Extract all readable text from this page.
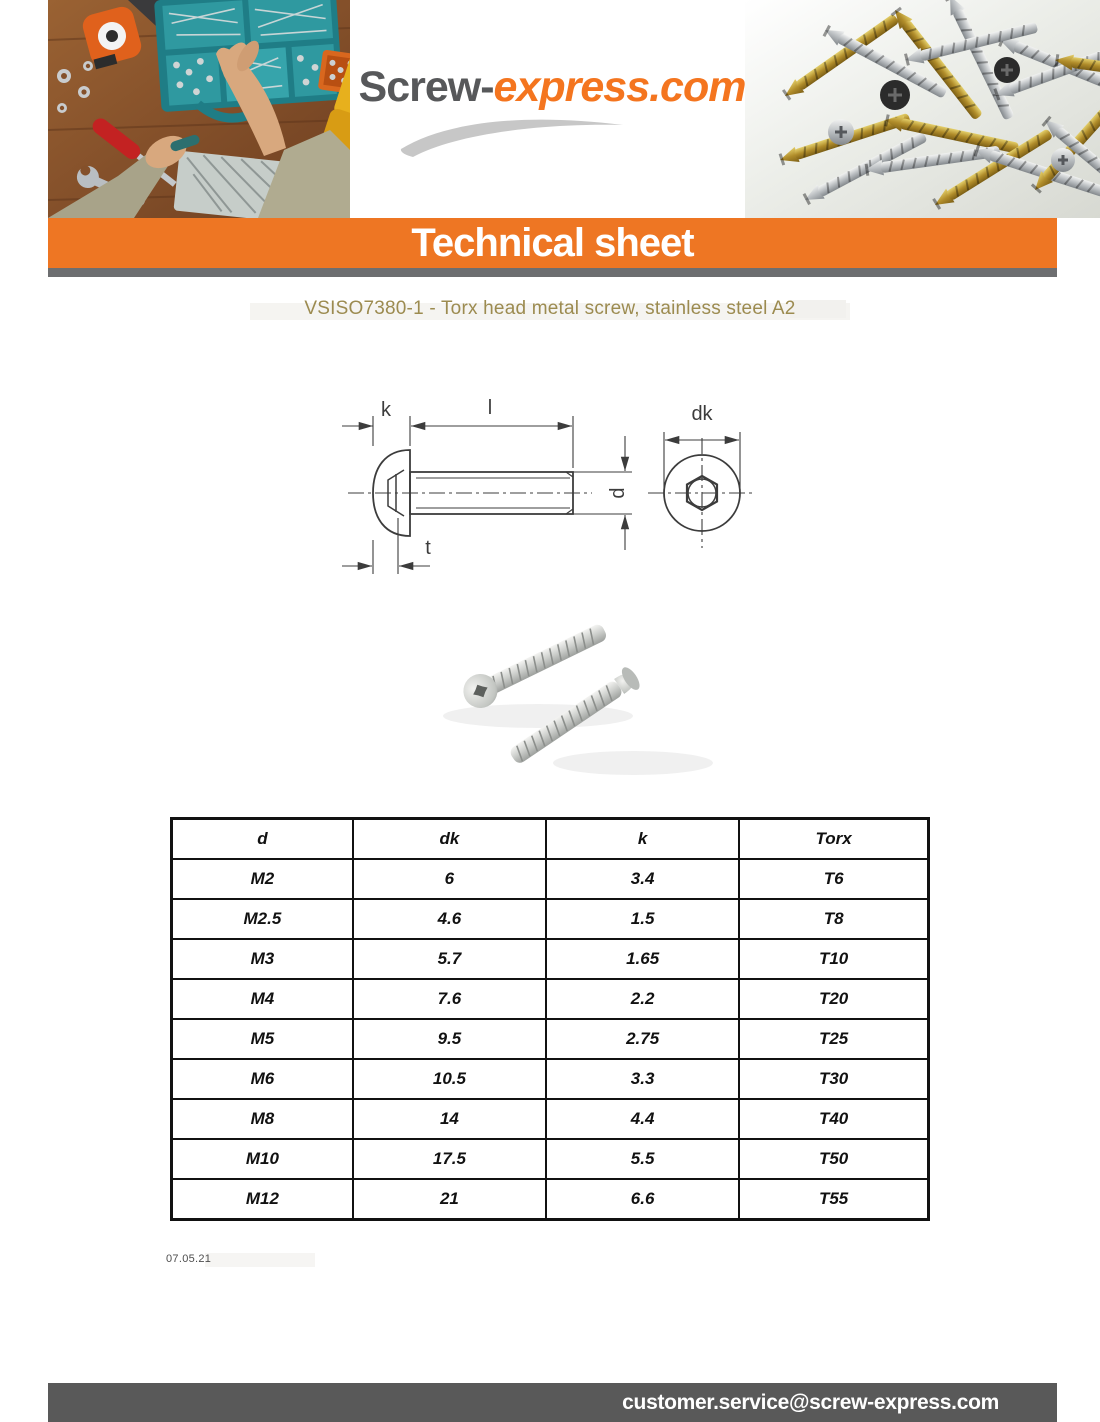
Screw-express.com
Technical sheet
VSISO7380-1 - Torx head metal screw, stainless steel A2
k	l	dk
d
t
d	dk	k	Torx
M2	6	3.4	T6
M2.5	4.6	1.5	T8
M3	5.7	1.65	T10
M4	7.6	2.2	T20
M5	9.5	2.75	T25
M6	10.5	3.3	T30
M8	14	4.4	T40
M10	17.5	5.5	T50
M12	21	6.6	T55
07.05.21
customer.service@screw-express.com
